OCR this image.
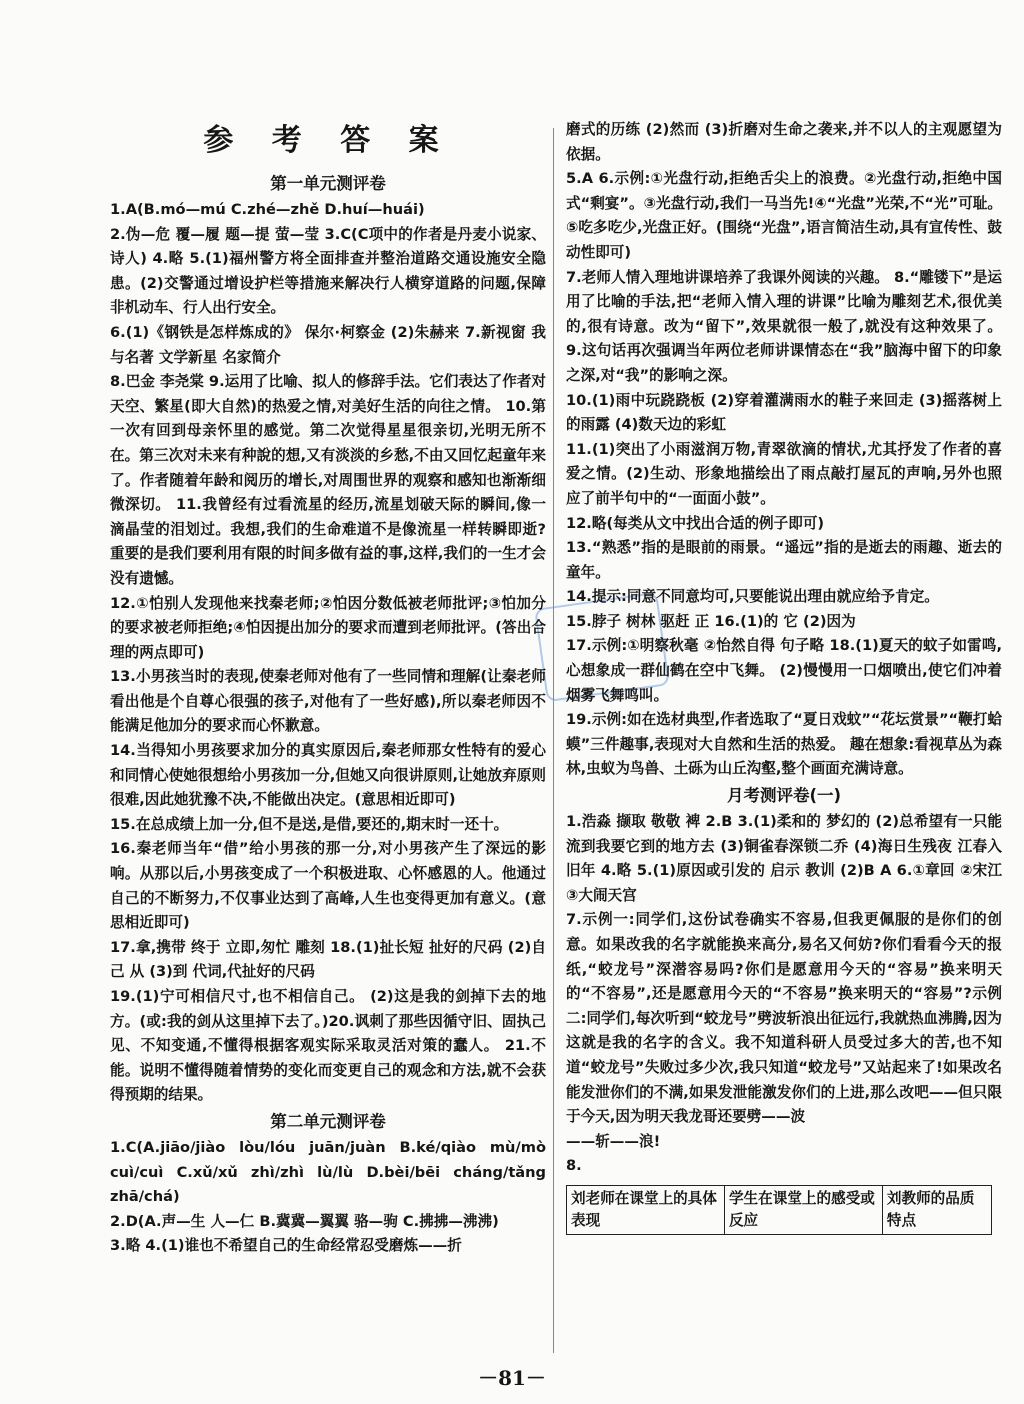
参 考 答 案
第一单元测评卷

1.A(B.mó—mú C.zhé—zhě D.huí—huái)

2.伪—危 覆—履 题—提 萤—莹 3.C(C项中的作者是丹麦小说家、诗人) 4.略 5.(1)福州警方将全面排查并整治道路交通设施安全隐患。(2)交警通过增设护栏等措施来解决行人横穿道路的问题,保障非机动车、行人出行安全。

6.(1)《钢铁是怎样炼成的》 保尔·柯察金 (2)朱赫来 7.新视窗 我与名著 文学新星 名家简介

8.巴金 李尧棠 9.运用了比喻、拟人的修辞手法。它们表达了作者对天空、繁星(即大自然)的热爱之情,对美好生活的向往之情。 10.第一次有回到母亲怀里的感觉。第二次觉得星星很亲切,光明无所不在。第三次对未来有种說的想,又有淡淡的乡愁,不由又回忆起童年来了。作者随着年龄和阅历的增长,对周围世界的观察和感知也渐渐细微深切。 11.我曾经有过看流星的经历,流星划破天际的瞬间,像一滴晶莹的泪划过。我想,我们的生命难道不是像流星一样转瞬即逝?重要的是我们要利用有限的时间多做有益的事,这样,我们的一生才会没有遗憾。

12.①怕别人发现他来找秦老师;②怕因分数低被老师批评;③怕加分的要求被老师拒绝;④怕因提出加分的要求而遭到老师批评。(答出合理的两点即可)

13.小男孩当时的表现,使秦老师对他有了一些同情和理解(让秦老师看出他是个自尊心很强的孩子,对他有了一些好感),所以秦老师因不能满足他加分的要求而心怀歉意。

14.当得知小男孩要求加分的真实原因后,秦老师那女性特有的爱心和同情心使她很想给小男孩加一分,但她又向很讲原则,让她放弃原则很难,因此她犹豫不决,不能做出决定。(意思相近即可)

15.在总成绩上加一分,但不是送,是借,要还的,期末时一还十。

16.秦老师当年“借”给小男孩的那一分,对小男孩产生了深远的影响。从那以后,小男孩变成了一个积极进取、心怀感恩的人。他通过自己的不断努力,不仅事业达到了高峰,人生也变得更加有意义。(意思相近即可)

17.拿,携带 终于 立即,匆忙 雕刻 18.(1)扯长短 扯好的尺码 (2)自己 从 (3)到 代词,代扯好的尺码

19.(1)宁可相信尺寸,也不相信自己。 (2)这是我的剑掉下去的地方。(或:我的剑从这里掉下去了。)20.讽刺了那些因循守旧、固执己见、不知变通,不懂得根据客观实际采取灵活对策的蠢人。 21.不能。说明不懂得随着情势的变化而变更自己的观念和方法,就不会获得预期的结果。

第二单元测评卷

1.C(A.jiāo/jiào lòu/lóu juān/juàn B.ké/qiào mù/mò cuì/cuì C.xǔ/xǔ zhì/zhì lù/lù D.bèi/bēi cháng/tǎng zhā/chá)

2.D(A.声—生 人—仁 B.冀冀—翼翼 骆—驹 C.拂拂—沸沸)

3.略 4.(1)谁也不希望自己的生命经常忍受磨炼——折

磨式的历练 (2)然而 (3)折磨对生命之袭来,并不以人的主观愿望为依据。

5.A 6.示例:①光盘行动,拒绝舌尖上的浪费。②光盘行动,拒绝中国式“剩宴”。③光盘行动,我们一马当先!④“光盘”光荣,不“光”可耻。⑤吃多吃少,光盘正好。(围绕“光盘”,语言简洁生动,具有宣传性、鼓动性即可)

7.老师人情入理地讲课培养了我课外阅读的兴趣。 8.“雕镂下”是运用了比喻的手法,把“老师入情入理的讲课”比喻为雕刻艺术,很优美的,很有诗意。改为“留下”,效果就很一般了,就没有这种效果了。 9.这句话再次强调当年两位老师讲课情态在“我”脑海中留下的印象之深,对“我”的影响之深。

10.(1)雨中玩跷跷板 (2)穿着灌满雨水的鞋子来回走 (3)摇落树上的雨露 (4)数天边的彩虹

11.(1)突出了小雨滋润万物,青翠欲滴的情状,尤其抒发了作者的喜爱之情。(2)生动、形象地描绘出了雨点敲打屋瓦的声响,另外也照应了前半句中的“一面面小鼓”。

12.略(每类从文中找出合适的例子即可)

13.“熟悉”指的是眼前的雨景。“遥远”指的是逝去的雨趣、逝去的童年。

14.提示:同意不同意均可,只要能说出理由就应给予肯定。

15.脖子 树林 驱赶 正 16.(1)的 它 (2)因为

17.示例:①明察秋毫 ②怡然自得 句子略 18.(1)夏天的蚊子如雷鸣,心想象成一群仙鹤在空中飞舞。 (2)慢慢用一口烟喷出,使它们冲着烟雾飞舞鸣叫。

19.示例:如在选材典型,作者选取了“夏日戏蚊”“花坛赏景”“鞭打蛤蟆”三件趣事,表现对大自然和生活的热爱。 趣在想象:看视草丛为森林,虫蚁为鸟兽、土砾为山丘沟壑,整个画面充满诗意。

月考测评卷(一)

1.浩淼 撷取 敬敬 裨 2.B 3.(1)柔和的 梦幻的 (2)总希望有一只能流到我要它到的地方去 (3)铜雀春深锁二乔 (4)海日生残夜 江春入旧年 4.略 5.(1)原因或引发的 启示 教训 (2)B A 6.①章回 ②宋江 ③大闹天宫

7.示例一:同学们,这份试卷确实不容易,但我更佩服的是你们的创意。如果改我的名字就能换来高分,易名又何妨?你们看看今天的报纸,“蛟龙号”深潜容易吗?你们是愿意用今天的“容易”换来明天的“不容易”,还是愿意用今天的“不容易”换来明天的“容易”?示例二:同学们,每次听到“蛟龙号”劈波斩浪出征远行,我就热血沸腾,因为这就是我的名字的含义。我不知道科研人员受过多大的苦,也不知道“蛟龙号”失败过多少次,我只知道“蛟龙号”又站起来了!如果改名能发泄你们的不满,如果发泄能激发你们的上进,那么改吧——但只限于今天,因为明天我龙哥还要劈——波

——斩——浪!

8.

刘老师在课堂上的具体表现	学生在课堂上的感受或反应	刘教师的品质特点
－81－
